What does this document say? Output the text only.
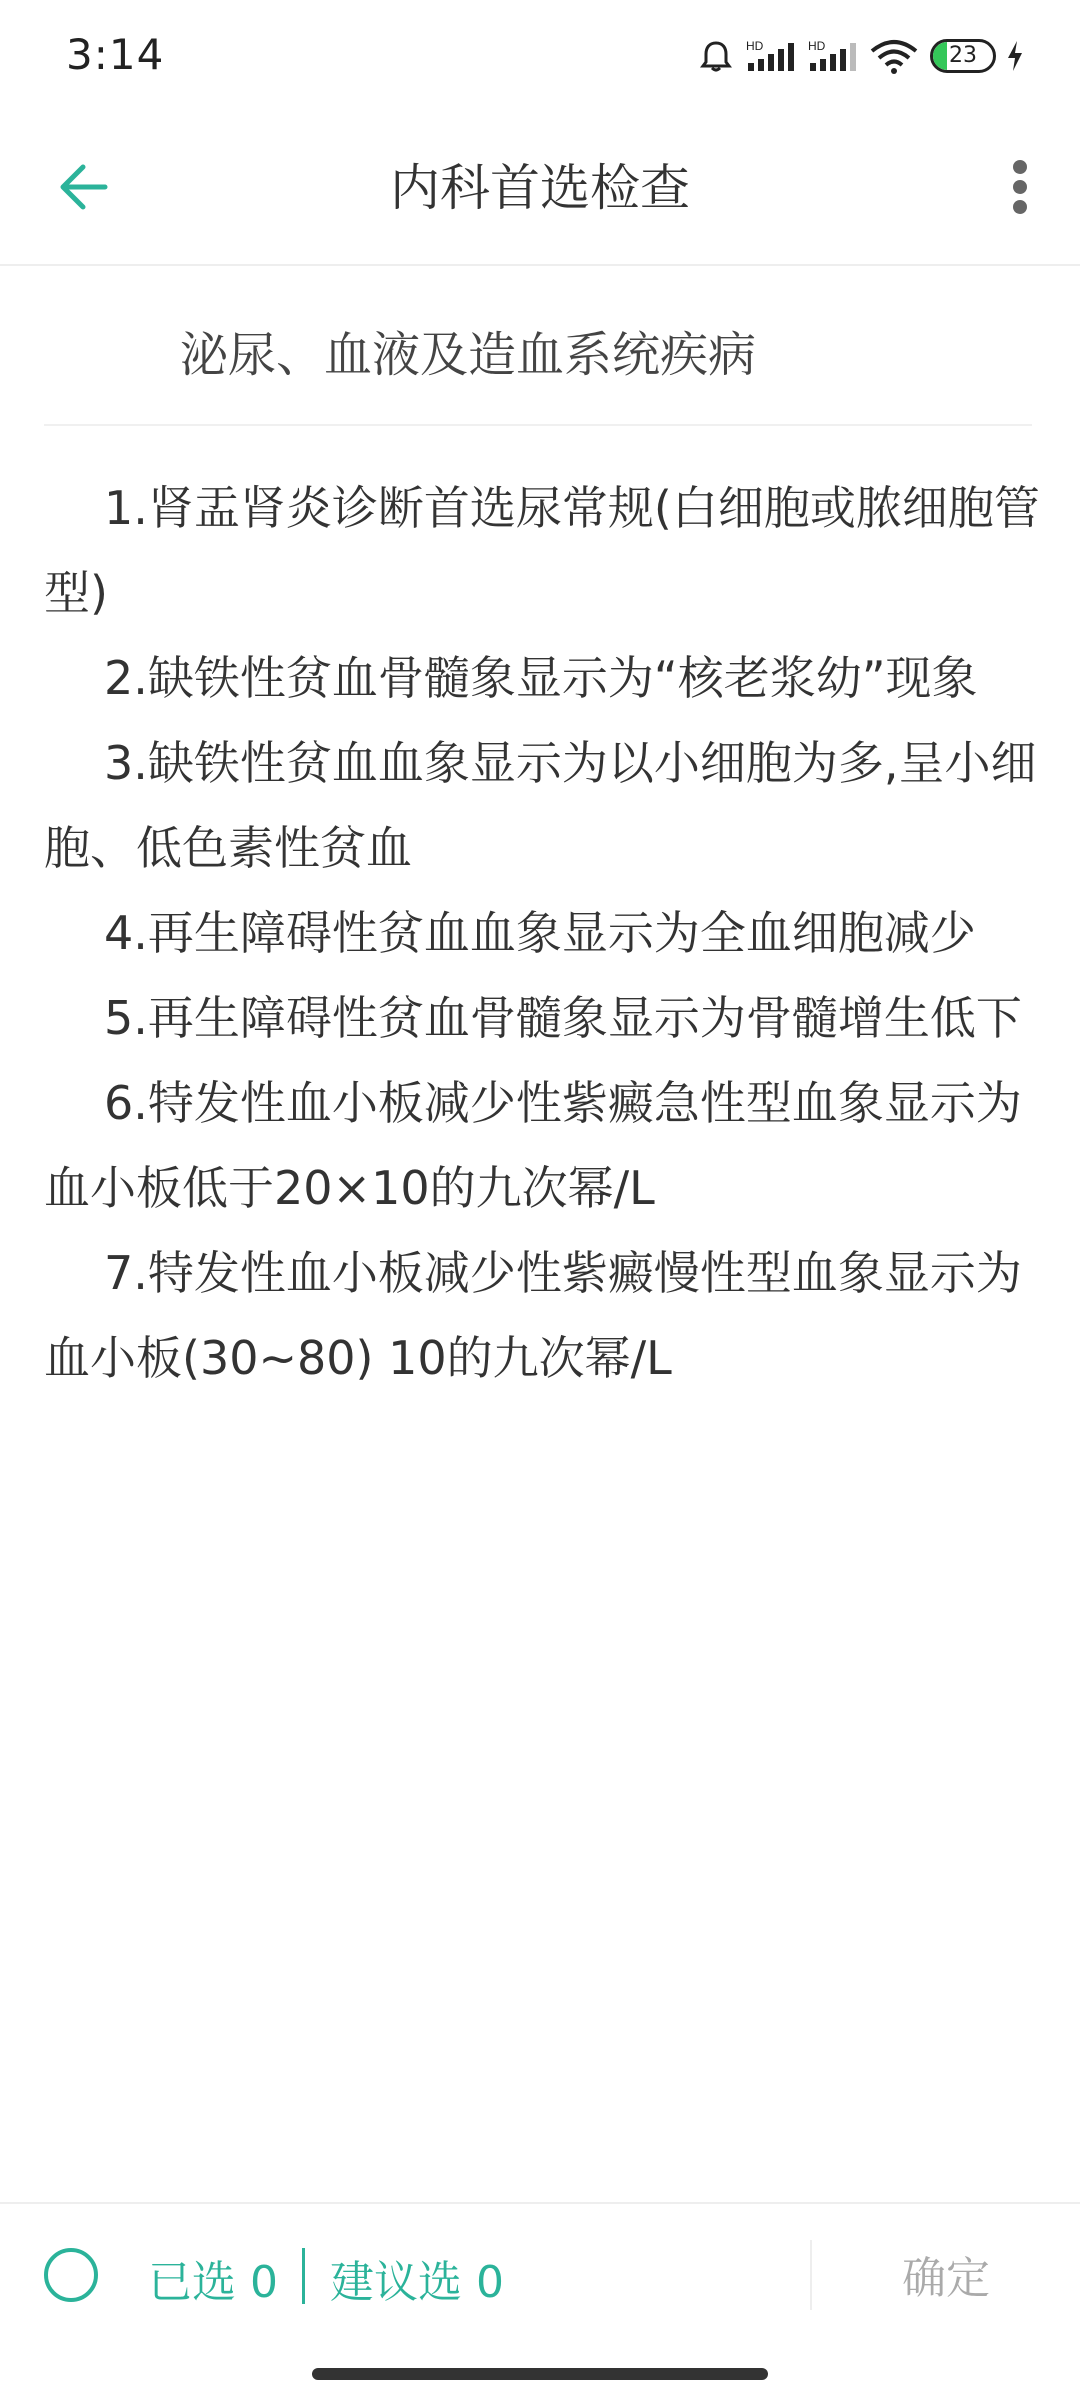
3:14	HD	HD	23
内科首选检查
泌尿、血液及造血系统疾病

1.肾盂肾炎诊断首选尿常规(白细胞或脓细胞管型)

2.缺铁性贫血骨髓象显示为“核老浆幼”现象

3.缺铁性贫血血象显示为以小细胞为多,呈小细胞、低色素性贫血

4.再生障碍性贫血血象显示为全血细胞减少

5.再生障碍性贫血骨髓象显示为骨髓增生低下

6.特发性血小板减少性紫癜急性型血象显示为血小板低于20×10的九次幂/L

7.特发性血小板减少性紫癜慢性型血象显示为血小板(30~80) 10的九次幂/L

已选 0 建议选 0	确定
